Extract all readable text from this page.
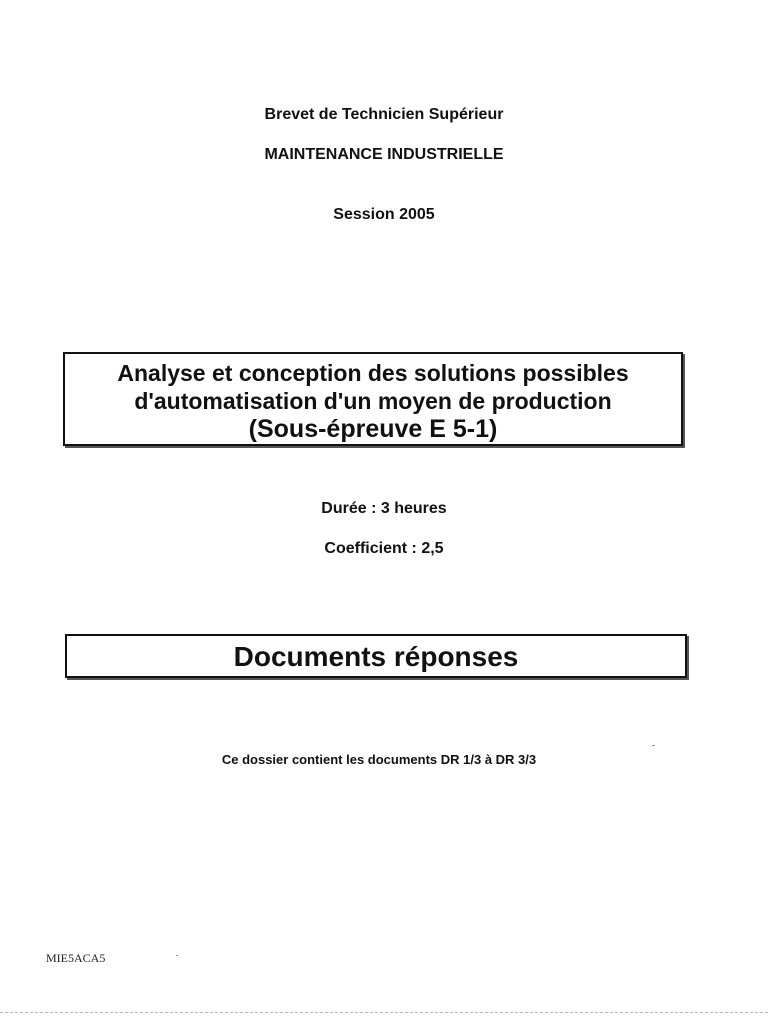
Brevet de Technicien Supérieur
MAINTENANCE INDUSTRIELLE
Session 2005
Analyse et conception des solutions possibles
d'automatisation d'un moyen de production
(Sous-épreuve E 5-1)
Durée : 3 heures
Coefficient : 2,5
Documents réponses
Ce dossier contient les documents DR 1/3 à DR 3/3
MIE5ACA5
